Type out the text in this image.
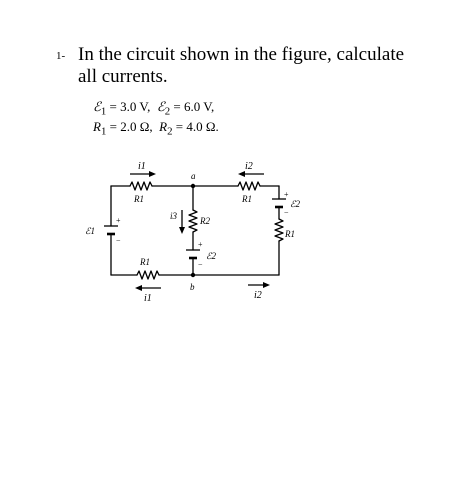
1- In the circuit shown in the figure, calculate
all currents.
ℰ$_1$ = 3.0 V, ℰ$_2$ = 6.0 V,
$R_1 = 2.0$ Ω, $R_2 = 4.0$ Ω.
i1	i2
a
R1	R1
i3	R2
ℰ1
ℰ2
ℰ2
R1
R1
b
i1	i2
+
−	+
−
+
−
